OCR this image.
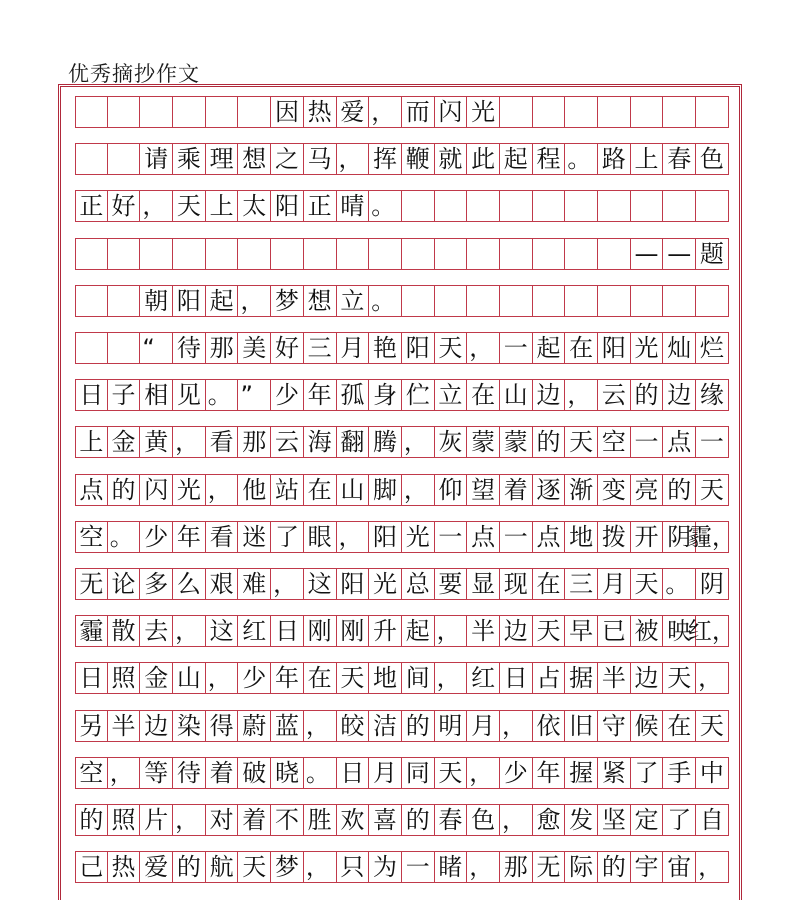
优秀摘抄作文
因 热 爱 ， 而 闪 光
请 乘 理 想 之 马 ， 挥 鞭 就 此 起 程 。 路 上 春 色
正 好 ， 天 上 太 阳 正 晴 。
— — 题
朝 阳 起 ， 梦 想 立 。
“ 待 那 美 好 三 月 艳 阳 天 ， 一 起 在 阳 光 灿 烂
日 子 相 见 。 ” 少 年 孤 身 伫 立 在 山 边 ， 云 的 边 缘
上 金 黄 ， 看 那 云 海 翻 腾 ， 灰 蒙 蒙 的 天 空 一 点 一
点 的 闪 光 ， 他 站 在 山 脚 ， 仰 望 着 逐 渐 变 亮 的 天
空 。 少 年 看 迷 了 眼 ， 阳 光 一 点 一 点 地 拨 开 阴
霾，
无 论 多 么 艰 难 ， 这 阳 光 总 要 显 现 在 三 月 天 。 阴
霾 散 去 ， 这 红 日 刚 刚 升 起 ， 半 边 天 早 已 被 映
红，
日 照 金 山 ， 少 年 在 天 地 间 ， 红 日 占 据 半 边 天 ，
另 半 边 染 得 蔚 蓝 ， 皎 洁 的 明 月 ， 依 旧 守 候 在 天
空 ， 等 待 着 破 晓 。 日 月 同 天 ， 少 年 握 紧 了 手 中
的 照 片 ， 对 着 不 胜 欢 喜 的 春 色 ， 愈 发 坚 定 了 自
己 热 爱 的 航 天 梦 ， 只 为 一 睹 ， 那 无 际 的 宇 宙 ，
